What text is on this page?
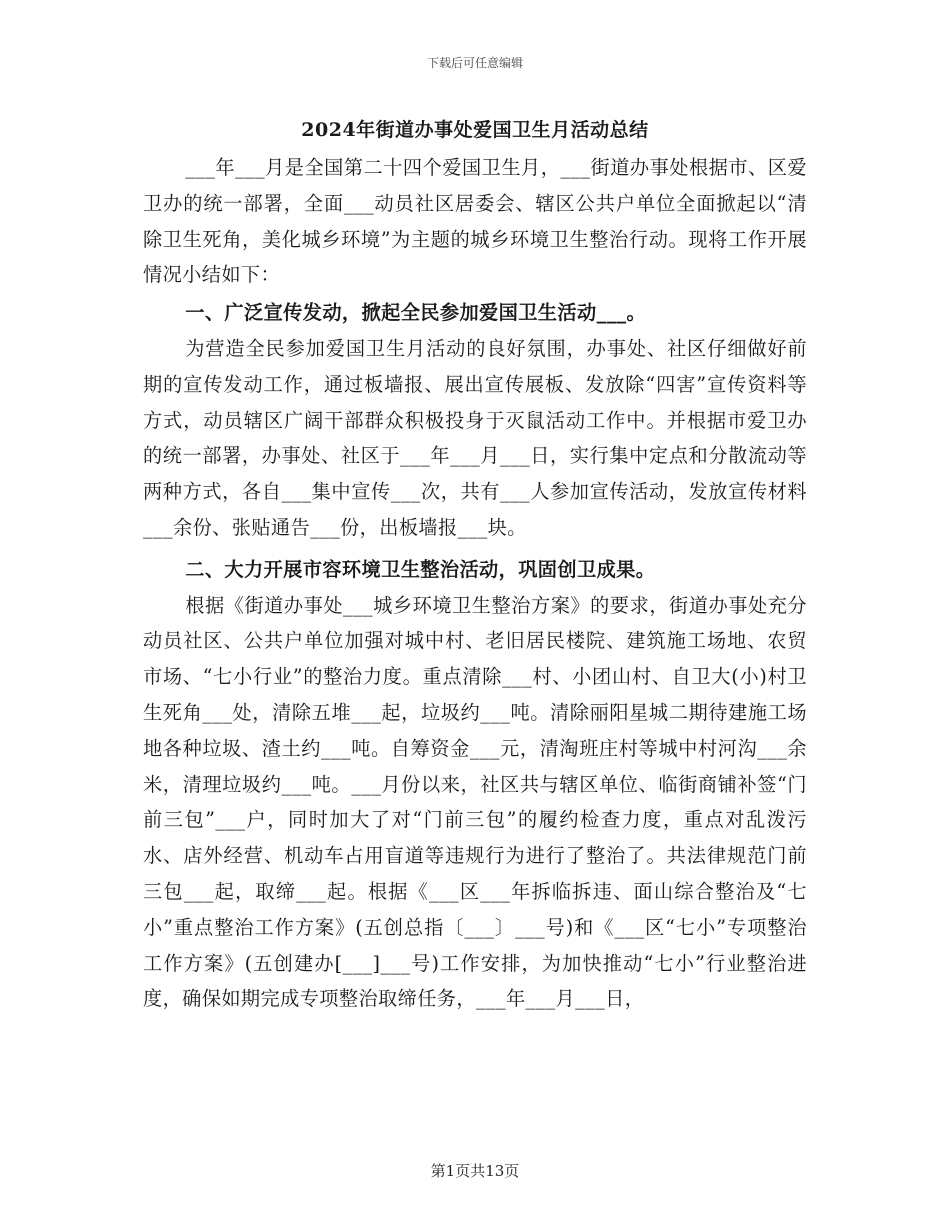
下载后可任意编辑
2024年街道办事处爱国卫生月活动总结

___年___月是全国第二十四个爱国卫生月，___街道办事处根据市、区爱卫办的统一部署，全面___动员社区居委会、辖区公共户单位全面掀起以“清除卫生死角，美化城乡环境”为主题的城乡环境卫生整治行动。现将工作开展情况小结如下：

一、广泛宣传发动，掀起全民参加爱国卫生活动___。

为营造全民参加爱国卫生月活动的良好氛围，办事处、社区仔细做好前期的宣传发动工作，通过板墙报、展出宣传展板、发放除“四害”宣传资料等方式，动员辖区广阔干部群众积极投身于灭鼠活动工作中。并根据市爱卫办的统一部署，办事处、社区于___年___月___日，实行集中定点和分散流动等两种方式，各自___集中宣传___次，共有___人参加宣传活动，发放宣传材料___余份、张贴通告___份，出板墙报___块。

二、大力开展市容环境卫生整治活动，巩固创卫成果。

根据《街道办事处___城乡环境卫生整治方案》的要求，街道办事处充分动员社区、公共户单位加强对城中村、老旧居民楼院、建筑施工场地、农贸市场、“七小行业”的整治力度。重点清除___村、小团山村、自卫大(小)村卫生死角___处，清除五堆___起，垃圾约___吨。清除丽阳星城二期待建施工场地各种垃圾、渣土约___吨。自筹资金___元，清淘班庄村等城中村河沟___余米，清理垃圾约___吨。___月份以来，社区共与辖区单位、临街商铺补签“门前三包”___户，同时加大了对“门前三包”的履约检查力度，重点对乱泼污水、店外经营、机动车占用盲道等违规行为进行了整治了。共法律规范门前三包___起，取缔___起。根据《___区___年拆临拆违、面山综合整治及“七小”重点整治工作方案》(五创总指〔___〕___号)和《___区“七小”专项整治工作方案》(五创建办[___]___号)工作安排，为加快推动“七小”行业整治进度，确保如期完成专项整治取缔任务，___年___月___日，

第1页共13页
